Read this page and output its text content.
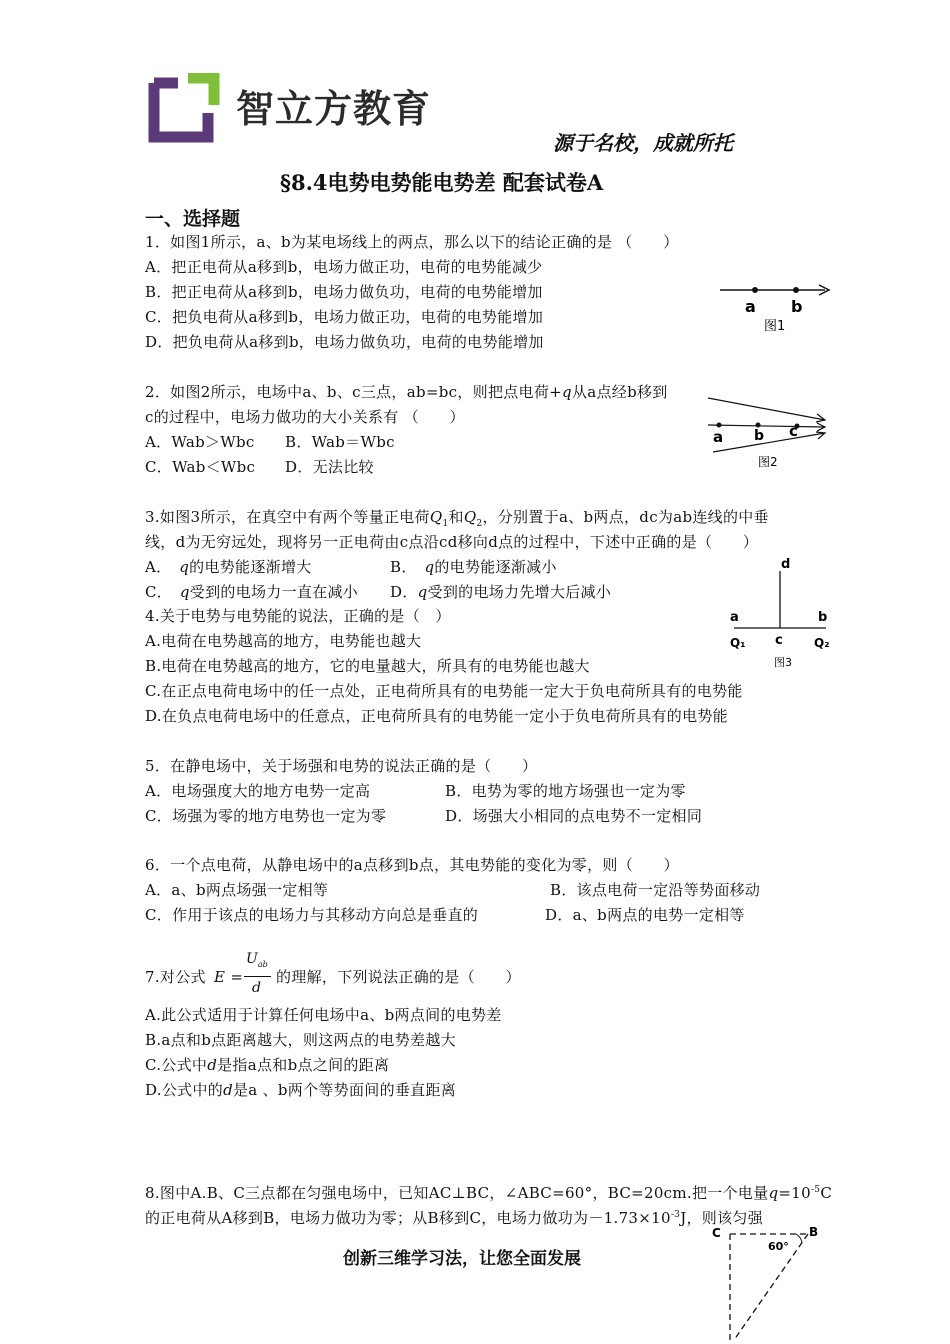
智立方教育
源于名校，成就所托
§8.4电势电势能电势差 配套试卷A
一、选择题
1．如图1所示，a、b为某电场线上的两点，那么以下的结论正确的是 （　　）
A．把正电荷从a移到b，电场力做正功，电荷的电势能减少
B．把正电荷从a移到b，电场力做负功，电荷的电势能增加
C．把负电荷从a移到b，电场力做正功，电荷的电势能增加
D．把负电荷从a移到b，电场力做负功，电荷的电势能增加
a b
图1
2．如图2所示，电场中a、b、c三点，ab=bc，则把点电荷+q从a点经b移到
c的过程中，电场力做功的大小关系有 （　　）
A．Wab＞Wbc B．Wab＝Wbc
C．Wab＜Wbc D．无法比较
a b c
图2
3.如图3所示，在真空中有两个等量正电荷$Q_1$和$Q_2$，分别置于a、b两点，dc为ab连线的中垂
线，d为无穷远处，现将另一正电荷由c点沿cd移向d点的过程中，下述中正确的是（　　）
A．　q的电势能逐渐增大	B．　q的电势能逐渐减小
C．　q受到的电场力一直在减小 D．q受到的电场力先增大后减小
d
a	b
c
Q₁	Q₂
图3
4.关于电势与电势能的说法，正确的是（　）
A.电荷在电势越高的地方，电势能也越大
B.电荷在电势越高的地方，它的电量越大，所具有的电势能也越大
C.在正点电荷电场中的任一点处，正电荷所具有的电势能一定大于负电荷所具有的电势能
D.在负点电荷电场中的任意点，正电荷所具有的电势能一定小于负电荷所具有的电势能
5．在静电场中，关于场强和电势的说法正确的是（　　）
A．电场强度大的地方电势一定高	B．电势为零的地方场强也一定为零
C．场强为零的地方电势也一定为零	D．场强大小相同的点电势不一定相同
6．一个点电荷，从静电场中的a点移到b点，其电势能的变化为零，则（　　）
A．a、b两点场强一定相等	B．该点电荷一定沿等势面移动
C．作用于该点的电场力与其移动方向总是垂直的	D．a、b两点的电势一定相等
7.对公式 E =
$U_{ab}$
d
的理解，下列说法正确的是（　　）
A.此公式适用于计算任何电场中a、b两点间的电势差
B.a点和b点距离越大，则这两点的电势差越大
C.公式中d是指a点和b点之间的距离
D.公式中的d是a 、b两个等势面间的垂直距离
8.图中A.B、C三点都在匀强电场中，已知AC⊥BC，∠ABC=60°，BC=20cm.把一个电量$q=10^{-5}C$
的正电荷从A移到B，电场力做功为零；从B移到C，电场力做功为$-1.73\times 10^{-3}J$，则该匀强
C	B
60°
创新三维学习法，让您全面发展
